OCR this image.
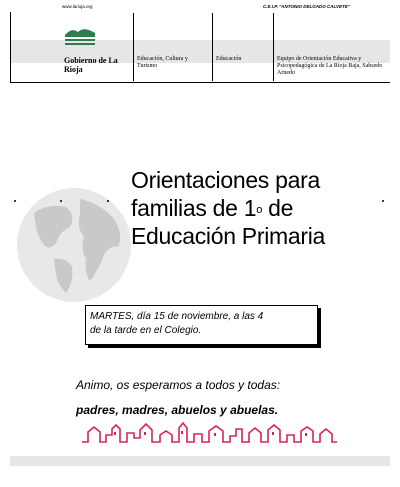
www.larioja.org	C.E.I.P. "ANTONIO DELGADO CALVETE"
Gobierno de La Rioja
Educación, Cultura y Turismo
Educación	Equipo de Orientación Educativa y Psicopedagógica de La Rioja Baja, Sabsedo Arnedo
Orientaciones para
familias de 1$^o$ de
Educación Primaria
MARTES, día 15 de noviembre, a las 4
de la tarde en el Colegio.
Animo, os esperamos a todos y todas:
padres, madres, abuelos y abuelas.
